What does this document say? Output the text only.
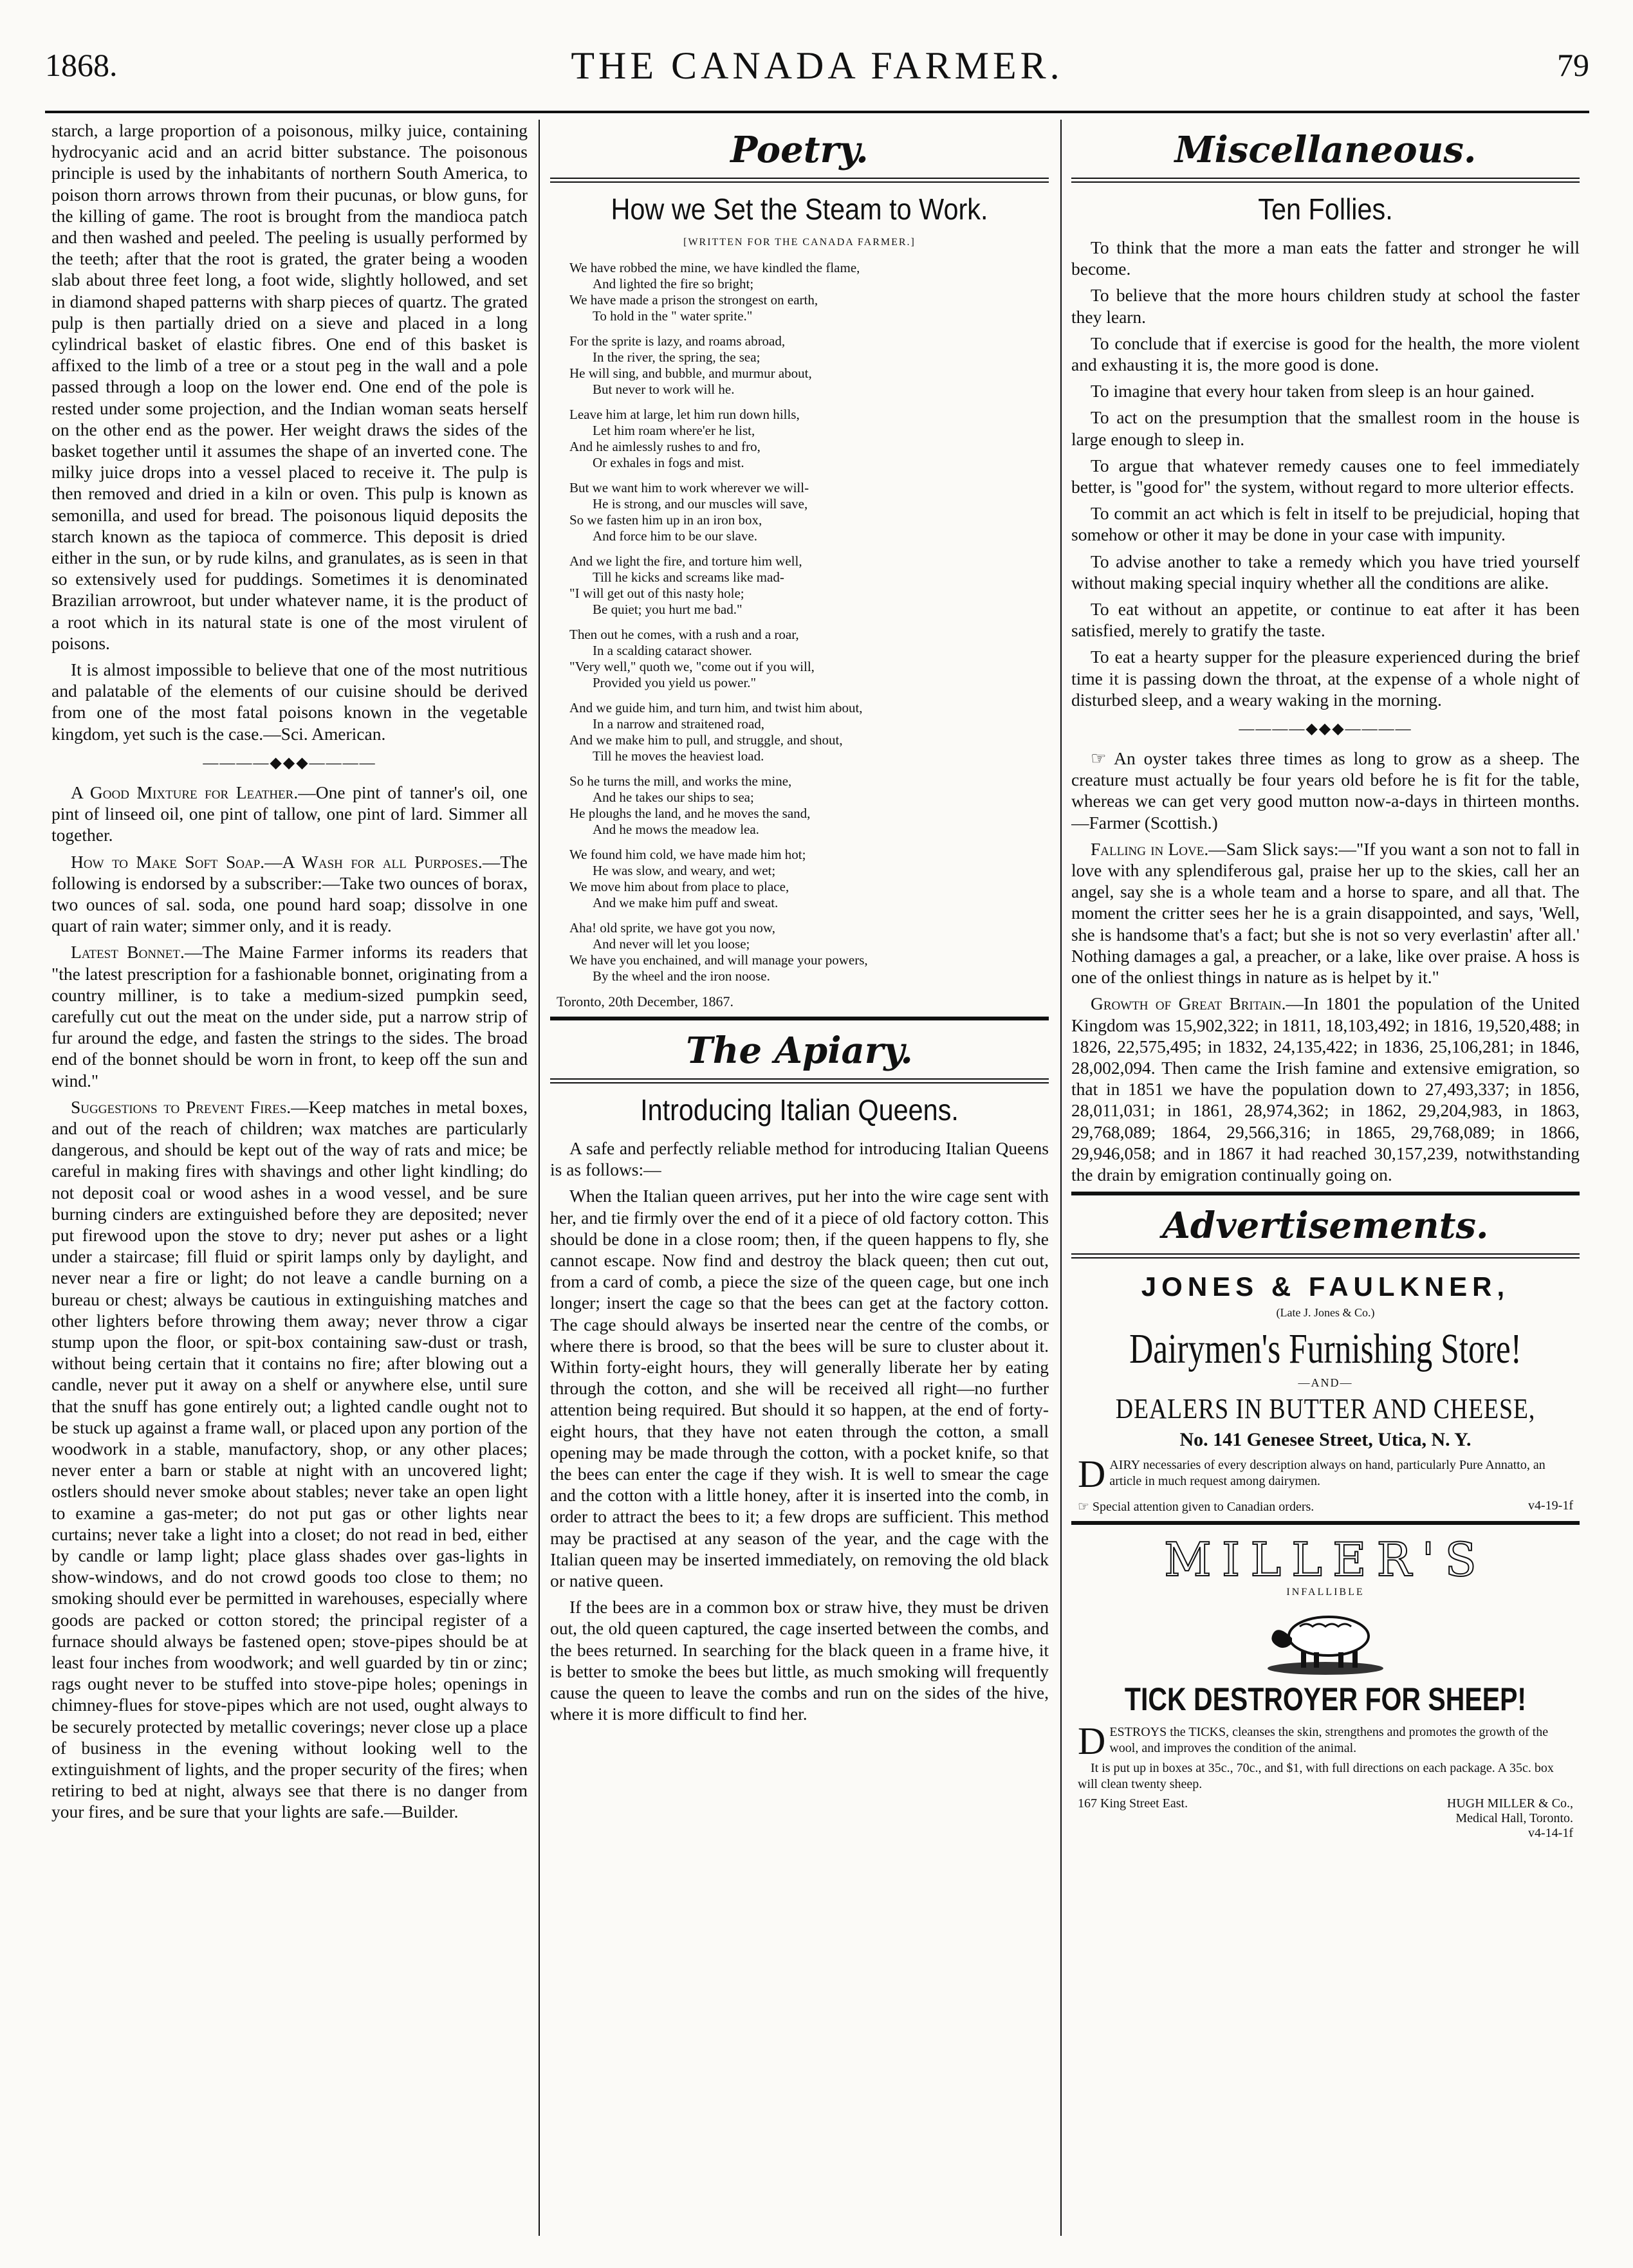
1868.	THE CANADA FARMER.	79

starch, a large proportion of a poisonous, milky juice, containing hydrocyanic acid and an acrid bitter substance. The poisonous principle is used by the inhabitants of northern South America, to poison thorn arrows thrown from their pucunas, or blow guns, for the killing of game. The root is brought from the mandioca patch and then washed and peeled. The peeling is usually performed by the teeth; after that the root is grated, the grater being a wooden slab about three feet long, a foot wide, slightly hollowed, and set in diamond shaped patterns with sharp pieces of quartz. The grated pulp is then partially dried on a sieve and placed in a long cylindrical basket of elastic fibres. One end of this basket is affixed to the limb of a tree or a stout peg in the wall and a pole passed through a loop on the lower end. One end of the pole is rested under some projection, and the Indian woman seats herself on the other end as the power. Her weight draws the sides of the basket together until it assumes the shape of an inverted cone. The milky juice drops into a vessel placed to receive it. The pulp is then removed and dried in a kiln or oven. This pulp is known as semonilla, and used for bread. The poisonous liquid deposits the starch known as the tapioca of commerce. This deposit is dried either in the sun, or by rude kilns, and granulates, as is seen in that so extensively used for puddings. Sometimes it is denominated Brazilian arrowroot, but under whatever name, it is the product of a root which in its natural state is one of the most virulent of poisons.

It is almost impossible to believe that one of the most nutritious and palatable of the elements of our cuisine should be derived from one of the most fatal poisons known in the vegetable kingdom, yet such is the case.—Sci. American.

————◆◆◆————

A Good Mixture for Leather.—One pint of tanner's oil, one pint of linseed oil, one pint of tallow, one pint of lard. Simmer all together.

How to Make Soft Soap.—A Wash for all Purposes.—The following is endorsed by a subscriber:—Take two ounces of borax, two ounces of sal. soda, one pound hard soap; dissolve in one quart of rain water; simmer only, and it is ready.

Latest Bonnet.—The Maine Farmer informs its readers that "the latest prescription for a fashionable bonnet, originating from a country milliner, is to take a medium-sized pumpkin seed, carefully cut out the meat on the under side, put a narrow strip of fur around the edge, and fasten the strings to the sides. The broad end of the bonnet should be worn in front, to keep off the sun and wind."

Suggestions to Prevent Fires.—Keep matches in metal boxes, and out of the reach of children; wax matches are particularly dangerous, and should be kept out of the way of rats and mice; be careful in making fires with shavings and other light kindling; do not deposit coal or wood ashes in a wood vessel, and be sure burning cinders are extinguished before they are deposited; never put firewood upon the stove to dry; never put ashes or a light under a staircase; fill fluid or spirit lamps only by daylight, and never near a fire or light; do not leave a candle burning on a bureau or chest; always be cautious in extinguishing matches and other lighters before throwing them away; never throw a cigar stump upon the floor, or spit-box containing saw-dust or trash, without being certain that it contains no fire; after blowing out a candle, never put it away on a shelf or anywhere else, until sure that the snuff has gone entirely out; a lighted candle ought not to be stuck up against a frame wall, or placed upon any portion of the woodwork in a stable, manufactory, shop, or any other places; never enter a barn or stable at night with an uncovered light; ostlers should never smoke about stables; never take an open light to examine a gas-meter; do not put gas or other lights near curtains; never take a light into a closet; do not read in bed, either by candle or lamp light; place glass shades over gas-lights in show-windows, and do not crowd goods too close to them; no smoking should ever be permitted in warehouses, especially where goods are packed or cotton stored; the principal register of a furnace should always be fastened open; stove-pipes should be at least four inches from woodwork; and well guarded by tin or zinc; rags ought never to be stuffed into stove-pipe holes; openings in chimney-flues for stove-pipes which are not used, ought always to be securely protected by metallic coverings; never close up a place of business in the evening without looking well to the extinguishment of lights, and the proper security of the fires; when retiring to bed at night, always see that there is no danger from your fires, and be sure that your lights are safe.—Builder.

Poetry.
How we Set the Steam to Work.
[WRITTEN FOR THE CANADA FARMER.]
We have robbed the mine, we have kindled the flame,
And lighted the fire so bright;
We have made a prison the strongest on earth,
To hold in the " water sprite."
For the sprite is lazy, and roams abroad,
In the river, the spring, the sea;
He will sing, and bubble, and murmur about,
But never to work will he.
Leave him at large, let him run down hills,
Let him roam where'er he list,
And he aimlessly rushes to and fro,
Or exhales in fogs and mist.
But we want him to work wherever we will-
He is strong, and our muscles will save,
So we fasten him up in an iron box,
And force him to be our slave.
And we light the fire, and torture him well,
Till he kicks and screams like mad-
"I will get out of this nasty hole;
Be quiet; you hurt me bad."
Then out he comes, with a rush and a roar,
In a scalding cataract shower.
"Very well," quoth we, "come out if you will,
Provided you yield us power."
And we guide him, and turn him, and twist him about,
In a narrow and straitened road,
And we make him to pull, and struggle, and shout,
Till he moves the heaviest load.
So he turns the mill, and works the mine,
And he takes our ships to sea;
He ploughs the land, and he moves the sand,
And he mows the meadow lea.
We found him cold, we have made him hot;
He was slow, and weary, and wet;
We move him about from place to place,
And we make him puff and sweat.
Aha! old sprite, we have got you now,
And never will let you loose;
We have you enchained, and will manage your powers,
By the wheel and the iron noose.
Toronto, 20th December, 1867.
The Apiary.
Introducing Italian Queens.

A safe and perfectly reliable method for introducing Italian Queens is as follows:—

When the Italian queen arrives, put her into the wire cage sent with her, and tie firmly over the end of it a piece of old factory cotton. This should be done in a close room; then, if the queen happens to fly, she cannot escape. Now find and destroy the black queen; then cut out, from a card of comb, a piece the size of the queen cage, but one inch longer; insert the cage so that the bees can get at the factory cotton. The cage should always be inserted near the centre of the combs, or where there is brood, so that the bees will be sure to cluster about it. Within forty-eight hours, they will generally liberate her by eating through the cotton, and she will be received all right—no further attention being required. But should it so happen, at the end of forty-eight hours, that they have not eaten through the cotton, a small opening may be made through the cotton, with a pocket knife, so that the bees can enter the cage if they wish. It is well to smear the cage and the cotton with a little honey, after it is inserted into the comb, in order to attract the bees to it; a few drops are sufficient. This method may be practised at any season of the year, and the cage with the Italian queen may be inserted immediately, on removing the old black or native queen.

If the bees are in a common box or straw hive, they must be driven out, the old queen captured, the cage inserted between the combs, and the bees returned. In searching for the black queen in a frame hive, it is better to smoke the bees but little, as much smoking will frequently cause the queen to leave the combs and run on the sides of the hive, where it is more difficult to find her.

Miscellaneous.
Ten Follies.

To think that the more a man eats the fatter and stronger he will become.

To believe that the more hours children study at school the faster they learn.

To conclude that if exercise is good for the health, the more violent and exhausting it is, the more good is done.

To imagine that every hour taken from sleep is an hour gained.

To act on the presumption that the smallest room in the house is large enough to sleep in.

To argue that whatever remedy causes one to feel immediately better, is "good for" the system, without regard to more ulterior effects.

To commit an act which is felt in itself to be prejudicial, hoping that somehow or other it may be done in your case with impunity.

To advise another to take a remedy which you have tried yourself without making special inquiry whether all the conditions are alike.

To eat without an appetite, or continue to eat after it has been satisfied, merely to gratify the taste.

To eat a hearty supper for the pleasure experienced during the brief time it is passing down the throat, at the expense of a whole night of disturbed sleep, and a weary waking in the morning.

————◆◆◆————

☞ An oyster takes three times as long to grow as a sheep. The creature must actually be four years old before he is fit for the table, whereas we can get very good mutton now-a-days in thirteen months.—Farmer (Scottish.)

Falling in Love.—Sam Slick says:—"If you want a son not to fall in love with any splendiferous gal, praise her up to the skies, call her an angel, say she is a whole team and a horse to spare, and all that. The moment the critter sees her he is a grain disappointed, and says, 'Well, she is handsome that's a fact; but she is not so very everlastin' after all.' Nothing damages a gal, a preacher, or a lake, like over praise. A hoss is one of the onliest things in nature as is helpet by it."

Growth of Great Britain.—In 1801 the population of the United Kingdom was 15,902,322; in 1811, 18,103,492; in 1816, 19,520,488; in 1826, 22,575,495; in 1832, 24,135,422; in 1836, 25,106,281; in 1846, 28,002,094. Then came the Irish famine and extensive emigration, so that in 1851 we have the population down to 27,493,337; in 1856, 28,011,031; in 1861, 28,974,362; in 1862, 29,204,983, in 1863, 29,768,089; 1864, 29,566,316; in 1865, 29,768,089; in 1866, 29,946,058; and in 1867 it had reached 30,157,239, notwithstanding the drain by emigration continually going on.

Advertisements.
JONES & FAULKNER,
(Late J. Jones & Co.)
Dairymen's Furnishing Store!
—AND—
DEALERS IN BUTTER AND CHEESE,
No. 141 Genesee Street, Utica, N. Y.
DAIRY necessaries of every description always on hand, particularly Pure Annatto, an article in much request among dairymen.
☞ Special attention given to Canadian orders.	v4-19-1f
MILLER'S
INFALLIBLE
TICK DESTROYER FOR SHEEP!
DESTROYS the TICKS, cleanses the skin, strengthens and promotes the growth of the wool, and improves the condition of the animal.
It is put up in boxes at 35c., 70c., and $1, with full directions on each package. A 35c. box will clean twenty sheep.
167 King Street East.	HUGH MILLER & Co.,
Medical Hall, Toronto.
v4-14-1f
